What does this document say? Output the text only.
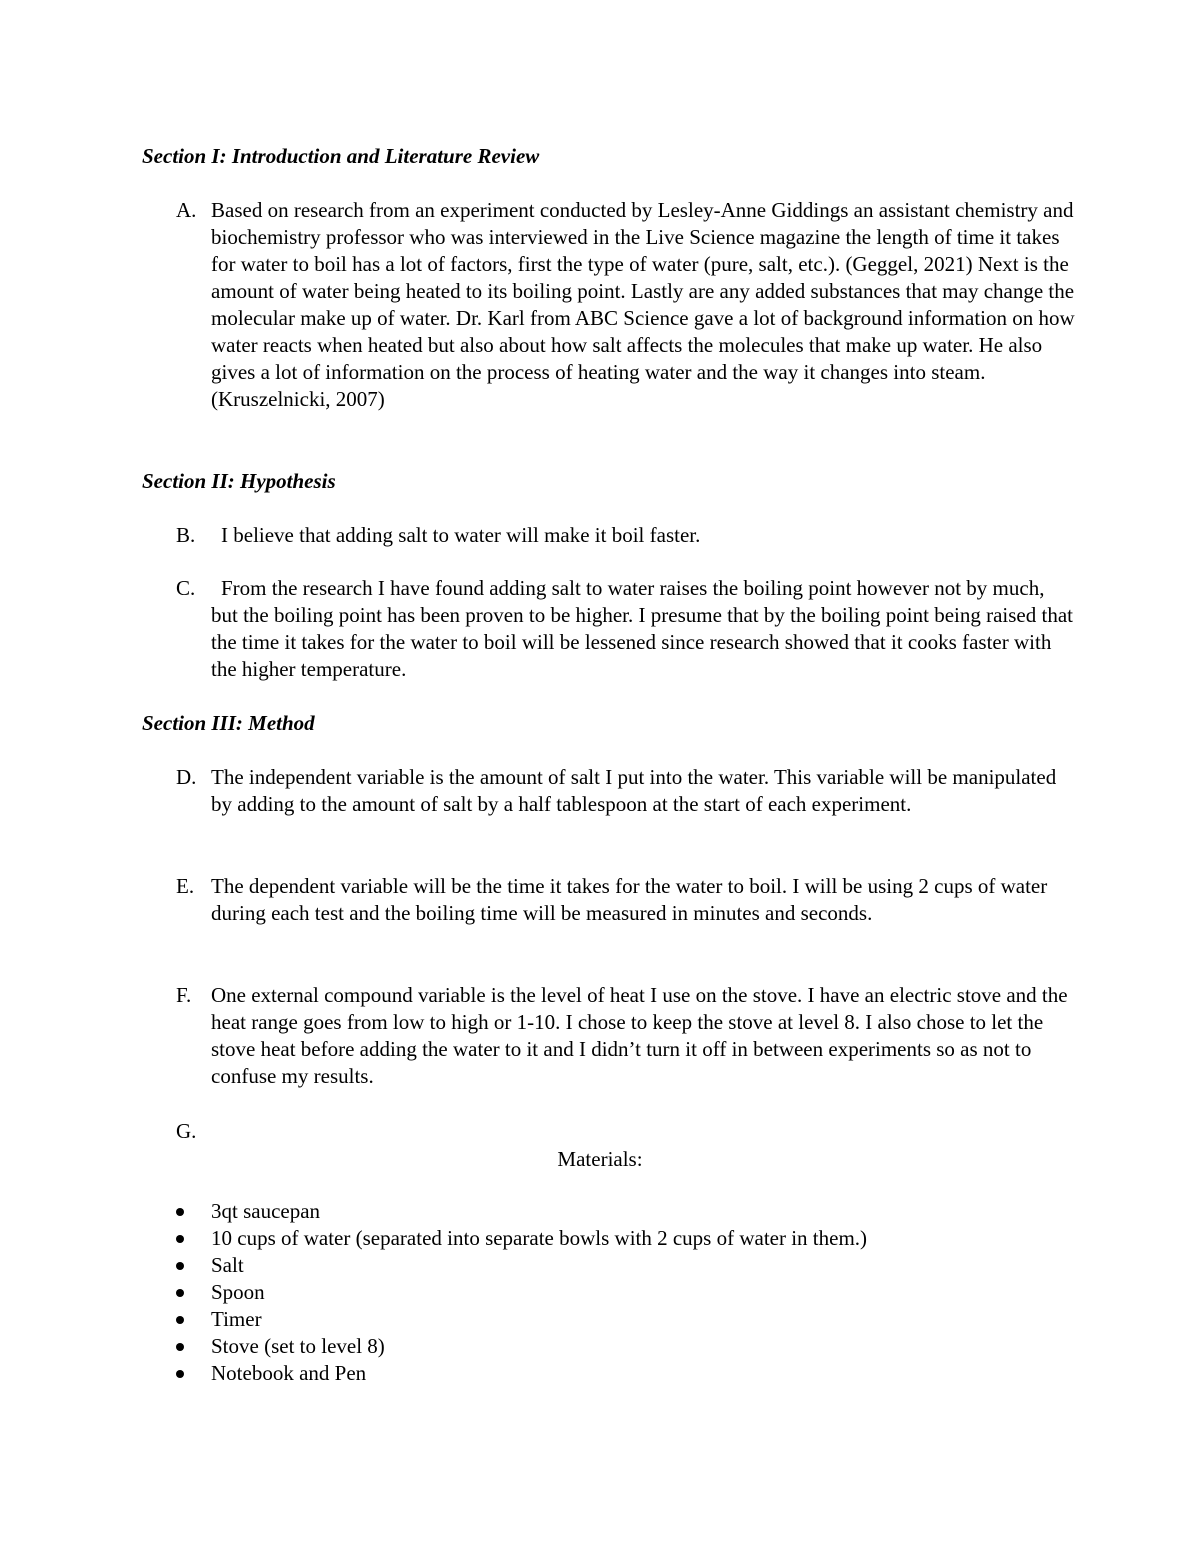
Section I: Introduction and Literature Review
A. Based on research from an experiment conducted by Lesley-Anne Giddings an assistant chemistry and biochemistry professor who was interviewed in the Live Science magazine the length of time it takes for water to boil has a lot of factors, first the type of water (pure, salt, etc.). (Geggel, 2021) Next is the amount of water being heated to its boiling point. Lastly are any added substances that may change the molecular make up of water. Dr. Karl from ABC Science gave a lot of background information on how water reacts when heated but also about how salt affects the molecules that make up water. He also gives a lot of information on the process of heating water and the way it changes into steam. (Kruszelnicki, 2007)
Section II: Hypothesis
B.	I believe that adding salt to water will make it boil faster.
C.	From the research I have found adding salt to water raises the boiling point however not by much, but the boiling point has been proven to be higher. I presume that by the boiling point being raised that the time it takes for the water to boil will be lessened since research showed that it cooks faster with the higher temperature.
Section III: Method
D. The independent variable is the amount of salt I put into the water. This variable will be manipulated by adding to the amount of salt by a half tablespoon at the start of each experiment.
E. The dependent variable will be the time it takes for the water to boil. I will be using 2 cups of water during each test and the boiling time will be measured in minutes and seconds.
F. One external compound variable is the level of heat I use on the stove. I have an electric stove and the heat range goes from low to high or 1-10. I chose to keep the stove at level 8. I also chose to let the stove heat before adding the water to it and I didn’t turn it off in between experiments so as not to confuse my results.
G.
Materials:
3qt saucepan
10 cups of water (separated into separate bowls with 2 cups of water in them.)
Salt
Spoon
Timer
Stove (set to level 8)
Notebook and Pen
